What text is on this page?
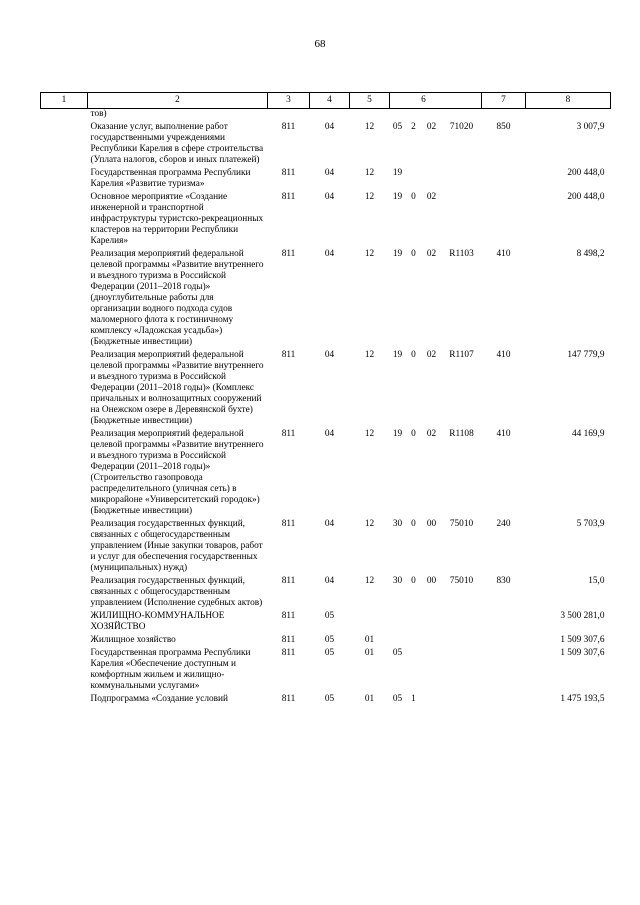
68
1	2	3	4	5		6			7	8
	тов)									
	Оказание услуг, выполнение работ государственными учреждениями Республики Карелия в сфере строительства (Уплата налогов, сборов и иных платежей)	811	04	12	05	2	02	71020	850	3 007,9
	Государственная программа Республики Карелия «Развитие туризма»	811	04	12	19					200 448,0
	Основное мероприятие «Создание инженерной и транспортной инфраструктуры туристско-рекреационных кластеров на территории Республики Карелия»	811	04	12	19	0	02			200 448,0
	Реализация мероприятий федеральной целевой программы «Развитие внутреннего и въездного туризма в Российской Федерации (2011–2018 годы)» (дноуглубительные работы для организации водного подхода судов маломерного флота к гостиничному комплексу «Ладожская усадьба») (Бюджетные инвестиции)	811	04	12	19	0	02	R1103	410	8 498,2
	Реализация мероприятий федеральной целевой программы «Развитие внутреннего и въездного туризма в Российской Федерации (2011–2018 годы)» (Комплекс причальных и волнозащитных сооружений на Онежском озере в Деревянской бухте) (Бюджетные инвестиции)	811	04	12	19	0	02	R1107	410	147 779,9
	Реализация мероприятий федеральной целевой программы «Развитие внутреннего и въездного туризма в Российской Федерации (2011–2018 годы)» (Строительство газопровода распределительного (уличная сеть) в микрорайоне «Университетский городок») (Бюджетные инвестиции)	811	04	12	19	0	02	R1108	410	44 169,9
	Реализация государственных функций, связанных с общегосударственным управлением (Иные закупки товаров, работ и услуг для обеспечения государственных (муниципальных) нужд)	811	04	12	30	0	00	75010	240	5 703,9
	Реализация государственных функций, связанных с общегосударственным управлением (Исполнение судебных актов)	811	04	12	30	0	00	75010	830	15,0
	ЖИЛИЩНО-КОММУНАЛЬНОЕ ХОЗЯЙСТВО	811	05							3 500 281,0
	Жилищное хозяйство	811	05	01						1 509 307,6
	Государственная программа Республики Карелия «Обеспечение доступным и комфортным жильем и жилищно-коммунальными услугами»	811	05	01	05					1 509 307,6
	Подпрограмма «Создание условий	811	05	01	05	1				1 475 193,5
